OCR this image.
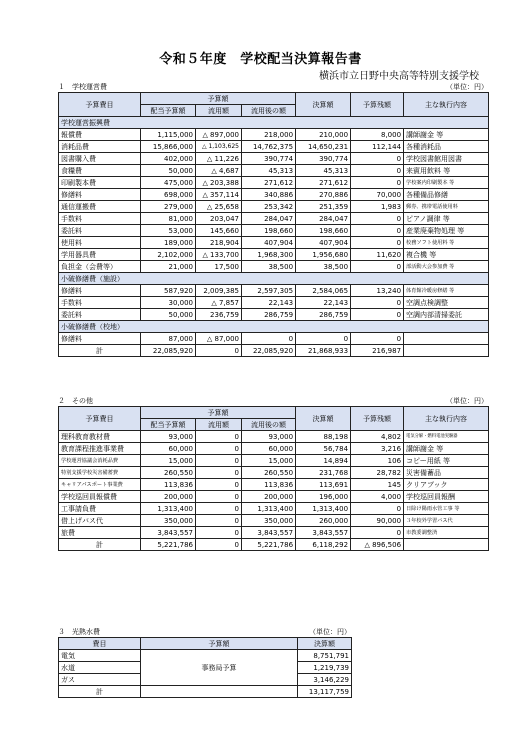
令和５年度　学校配当決算報告書
横浜市立日野中央高等特別支援学校
１　学校運営費	（単位：円）
予算費目	予算額			決算額	予算残額	主な執行内容
	配当予算額	流用額	流用後の額			
学校運営振興費						
報償費	1,115,000	△ 897,000	218,000	210,000	8,000	講師謝金 等
消耗品費	15,866,000	△ 1,103,625	14,762,375	14,650,231	112,144	各種消耗品
図書購入費	402,000	△ 11,226	390,774	390,774	0	学校図書館用図書
食糧費	50,000	△ 4,687	45,313	45,313	0	来賓用飲料 等
印刷製本費	475,000	△ 203,388	271,612	271,612	0	学校案内印刷製本 等
修繕料	698,000	△ 357,114	340,886	270,886	70,000	各種備品修繕
通信運搬費	279,000	△ 25,658	253,342	251,359	1,983	郵券、携帯電話使用料
手数料	81,000	203,047	284,047	284,047	0	ピアノ調律 等
委託料	53,000	145,660	198,660	198,660	0	産業廃棄物処理 等
使用料	189,000	218,904	407,904	407,904	0	校務ソフト使用料 等
学用器具費	2,102,000	△ 133,700	1,968,300	1,956,680	11,620	複合機 等
負担金（会費等）	21,000	17,500	38,500	38,500	0	部活動大会参加費 等
小破修繕費（施設）						
修繕料	587,920	2,009,385	2,597,305	2,584,065	13,240	体育館冷暖房修繕 等
手数料	30,000	△ 7,857	22,143	22,143	0	空調点検調整
委託料	50,000	236,759	286,759	286,759	0	空調内部清掃委託
小破修繕費（校地）						
修繕料	87,000	△ 87,000	0	0	0	
計	22,085,920	0	22,085,920	21,868,933	216,987	
２　その他	（単位：円）
予算費目	予算額			決算額	予算残額	主な執行内容
	配当予算額	流用額	流用後の額			
理科教育教材費	93,000	0	93,000	88,198	4,802	電気分解・燃料電池実験器
教育課程推進事業費	60,000	0	60,000	56,784	3,216	講師謝金 等
学校運営協議会消耗品費	15,000	0	15,000	14,894	106	コピー用紙 等
特別支援学校災害備蓄費	260,550	0	260,550	231,768	28,782	災害備蓄品
キャリアパスポート事業費	113,836	0	113,836	113,691	145	クリアブック
学校巡回員報償費	200,000	0	200,000	196,000	4,000	学校巡回員報酬
工事請負費	1,313,400	0	1,313,400	1,313,400	0	日除け陽雨水管工事 等
借上げバス代	350,000	0	350,000	260,000	90,000	３年校外学習バス代
旅費	3,843,557	0	3,843,557	3,843,557	0	市教委調整済
計	5,221,786	0	5,221,786	6,118,292	△ 896,506	
３　光熱水費	（単位：円）
費目	予算額	決算額
電気	事務局予算	8,751,791
水道		1,219,739
ガス		3,146,229
計		13,117,759
